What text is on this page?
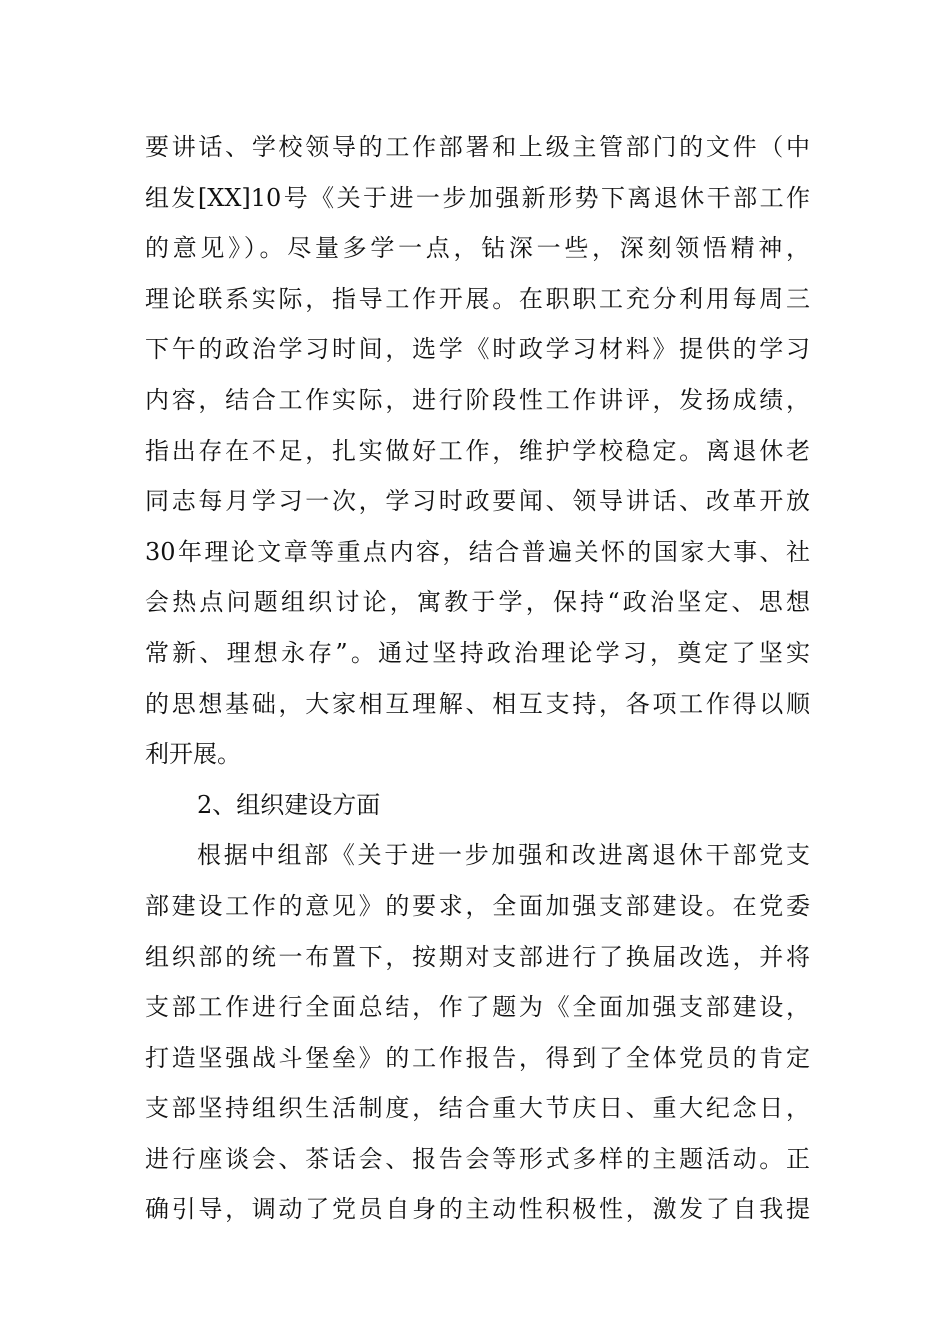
要讲话、学校领导的工作部署和上级主管部门的文件（中
组发[XX]10号《关于进一步加强新形势下离退休干部工作
的意见》）。尽量多学一点，钻深一些，深刻领悟精神，
理论联系实际，指导工作开展。在职职工充分利用每周三
下午的政治学习时间，选学《时政学习材料》提供的学习
内容，结合工作实际，进行阶段性工作讲评，发扬成绩，
指出存在不足，扎实做好工作，维护学校稳定。离退休老
同志每月学习一次，学习时政要闻、领导讲话、改革开放
30年理论文章等重点内容，结合普遍关怀的国家大事、社
会热点问题组织讨论，寓教于学，保持“政治坚定、思想
常新、理想永存”。通过坚持政治理论学习，奠定了坚实
的思想基础，大家相互理解、相互支持，各项工作得以顺
利开展。
2、组织建设方面
根据中组部《关于进一步加强和改进离退休干部党支
部建设工作的意见》的要求，全面加强支部建设。在党委
组织部的统一布置下，按期对支部进行了换届改选，并将
支部工作进行全面总结，作了题为《全面加强支部建设，
打造坚强战斗堡垒》的工作报告，得到了全体党员的肯定
支部坚持组织生活制度，结合重大节庆日、重大纪念日，
进行座谈会、茶话会、报告会等形式多样的主题活动。正
确引导，调动了党员自身的主动性积极性，激发了自我提
